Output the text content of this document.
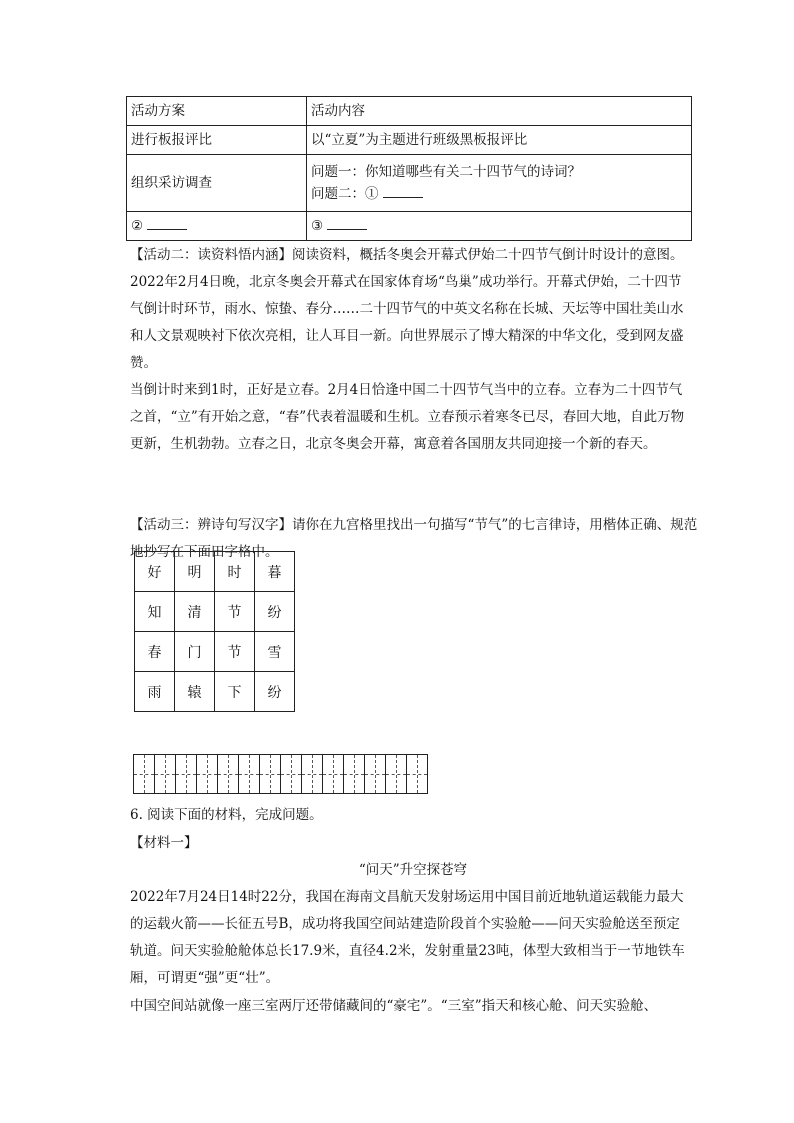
活动方案	活动内容
进行板报评比	以“立夏”为主题进行班级黑板报评比
组织采访调查	问题一：你知道哪些有关二十四节气的诗词？
问题二：①

②	③

【活动二：读资料悟内涵】阅读资料，概括冬奥会开幕式伊始二十四节气倒计时设计的意图。

2022年2月4日晚，北京冬奥会开幕式在国家体育场“鸟巢”成功举行。开幕式伊始，二十四节气倒计时环节，雨水、惊蛰、春分……二十四节气的中英文名称在长城、天坛等中国壮美山水和人文景观映衬下依次亮相，让人耳目一新。向世界展示了博大精深的中华文化，受到网友盛赞。

当倒计时来到1时，正好是立春。2月4日恰逢中国二十四节气当中的立春。立春为二十四节气之首，“立”有开始之意，“春”代表着温暖和生机。立春预示着寒冬已尽，春回大地，自此万物更新，生机勃勃。立春之日，北京冬奥会开幕，寓意着各国朋友共同迎接一个新的春天。

【活动三：辨诗句写汉字】请你在九宫格里找出一句描写“节气”的七言律诗，用楷体正确、规范地抄写在下面田字格中。

好	明	时	暮
知	清	节	纷
春	门	节	雪
雨	辕	下	纷

6. 阅读下面的材料，完成问题。

【材料一】

“问天”升空探苍穹

2022年7月24日14时22分，我国在海南文昌航天发射场运用中国目前近地轨道运载能力最大的运载火箭——长征五号B，成功将我国空间站建造阶段首个实验舱——问天实验舱送至预定轨道。问天实验舱舱体总长17.9米，直径4.2米，发射重量23吨，体型大致相当于一节地铁车厢，可谓更“强”更“壮”。

中国空间站就像一座三室两厅还带储藏间的“豪宅”。“三室”指天和核心舱、问天实验舱、
